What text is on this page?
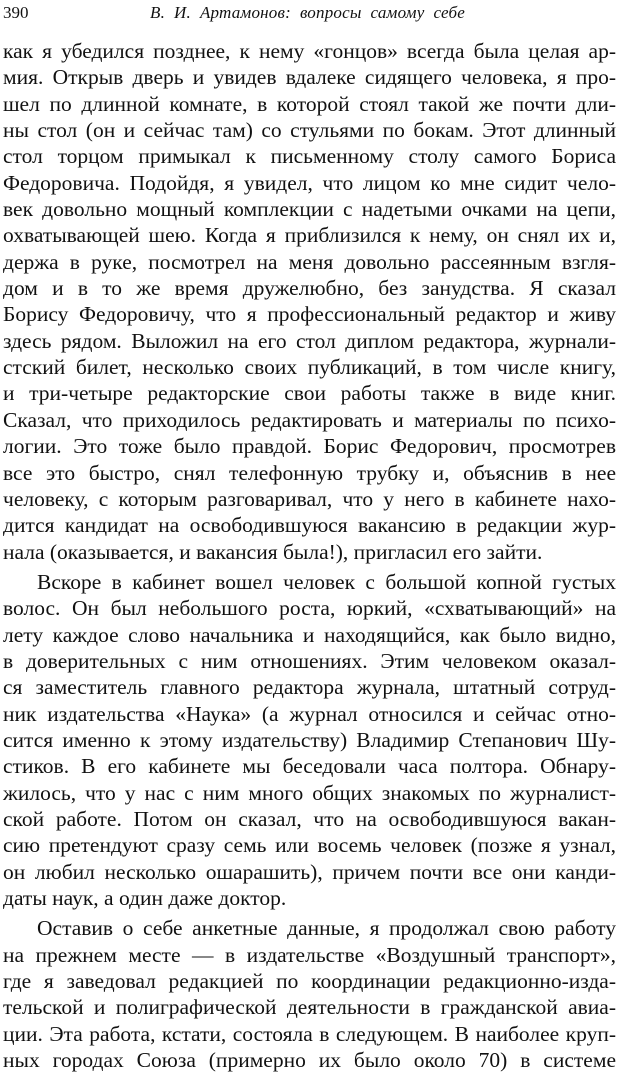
390	В. И. Артамонов: вопросы самому себе
как я убедился позднее, к нему «гонцов» всегда была целая ар-
мия. Открыв дверь и увидев вдалеке сидящего человека, я про-
шел по длинной комнате, в которой стоял такой же почти дли-
ны стол (он и сейчас там) со стульями по бокам. Этот длинный
стол торцом примыкал к письменному столу самого Бориса
Федоровича. Подойдя, я увидел, что лицом ко мне сидит чело-
век довольно мощный комплекции с надетыми очками на цепи,
охватывающей шею. Когда я приблизился к нему, он снял их и,
держа в руке, посмотрел на меня довольно рассеянным взгля-
дом и в то же время дружелюбно, без занудства. Я сказал
Борису Федоровичу, что я профессиональный редактор и живу
здесь рядом. Выложил на его стол диплом редактора, журнали-
стский билет, несколько своих публикаций, в том числе книгу,
и три-четыре редакторские свои работы также в виде книг.
Сказал, что приходилось редактировать и материалы по психо-
логии. Это тоже было правдой. Борис Федорович, просмотрев
все это быстро, снял телефонную трубку и, объяснив в нее
человеку, с которым разговаривал, что у него в кабинете нахо-
дится кандидат на освободившуюся вакансию в редакции жур-
нала (оказывается, и вакансия была!), пригласил его зайти.
Вскоре в кабинет вошел человек с большой копной густых
волос. Он был небольшого роста, юркий, «схватывающий» на
лету каждое слово начальника и находящийся, как было видно,
в доверительных с ним отношениях. Этим человеком оказал-
ся заместитель главного редактора журнала, штатный сотруд-
ник издательства «Наука» (а журнал относился и сейчас отно-
сится именно к этому издательству) Владимир Степанович Шу-
стиков. В его кабинете мы беседовали часа полтора. Обнару-
жилось, что у нас с ним много общих знакомых по журналист-
ской работе. Потом он сказал, что на освободившуюся вакан-
сию претендуют сразу семь или восемь человек (позже я узнал,
он любил несколько ошарашить), причем почти все они канди-
даты наук, а один даже доктор.
Оставив о себе анкетные данные, я продолжал свою работу
на прежнем месте — в издательстве «Воздушный транспорт»,
где я заведовал редакцией по координации редакционно-изда-
тельской и полиграфической деятельности в гражданской авиа-
ции. Эта работа, кстати, состояла в следующем. В наиболее круп-
ных городах Союза (примерно их было около 70) в системе
